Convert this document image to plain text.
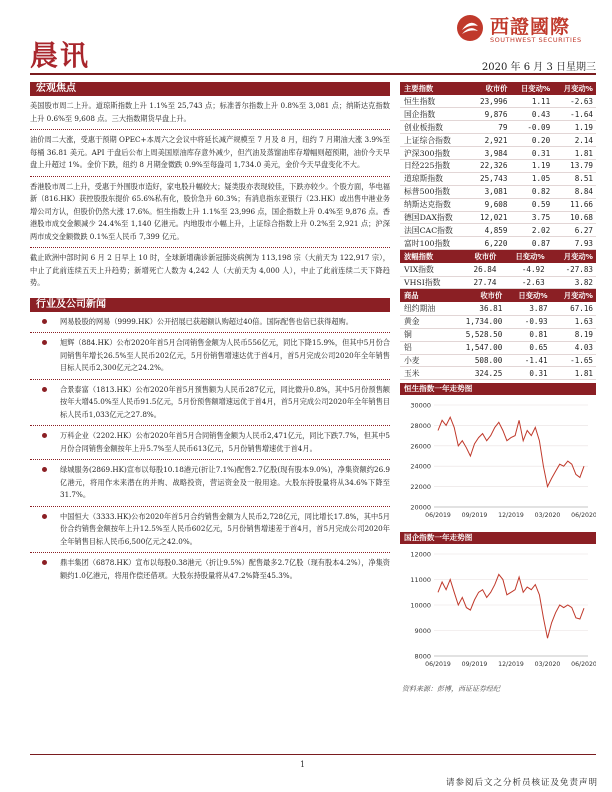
晨讯
西證國際
SOUTHWEST SECURITIES
2020 年 6 月 3 日星期三
宏观焦点
美国股市周二上升。道琼斯指数上升 1.1%至 25,743 点；标准普尔指数上升 0.8%至 3,081 点；纳斯达克指数上升 0.6%至 9,608 点。三大指数期货早盘上升。
油价周二大涨，受惠于预期 OPEC+本周六之会议中将延长减产规模至 7 月及 8 月，纽约 7 月期油大涨 3.9%至每桶 36.81 美元。API 于盘后公布上周美国原油库存意外减少，但汽油及蒸馏油库存增幅则超预期，油价今天早盘上升超过 1%。金价下跌，纽约 8 月期金微跌 0.9%至每盎司 1,734.0 美元，金价今天早盘变化不大。
香港股市周二上升，受惠于外围股市造好，家电股升幅较大；疑类股亦表现较佳，下跌亦较少。个股方面，华电福新（816.HK）获控股股东提价 65.6%私有化，股价急升 60.3%；有消息指东亚银行（23.HK）或出售中港业务增公司方认，但股价仍然大涨 17.6%。恒生指数上升 1.1%至 23,996 点，国企指数上升 0.4%至 9,876 点。香港股市成交金额减少 24.4%至 1,140 亿港元。内地股市小幅上升，上证综合指数上升 0.2%至 2,921 点；沪深两市成交金额微跌 0.1%至人民币 7,399 亿元。
截止欧洲中部时间 6 月 2 日早上 10 时，全球新增确诊新冠肺炎病例为 113,198 宗（大前天为 122,917 宗），中止了此前连续五天上升趋势；新增死亡人数为 4,242 人（大前天为 4,000 人），中止了此前连续二天下降趋势。
行业及公司新闻
网易股股的网易（9999.HK）公开招展已获超额认购超过40倍。国际配售也倍已获得超购。
旭辉（884.HK）公布2020年首5月合同销售金额为人民币556亿元，同比下降15.9%，但其中5月份合同销售年增长26.5%至人民币202亿元，5月份销售增速达优于首4月，首5月完成公司2020年全年销售目标人民币2,300亿元之24.2%。
合景泰富（1813.HK）公布2020年首5月预售额为人民币287亿元，同比微升0.8%，其中5月份预售额按年大增45.0%至人民币91.5亿元，5月份预售额增速远优于首4月，首5月完成公司2020年全年销售目标人民币1,033亿元之27.8%。
万科企业（2202.HK）公布2020年首5月合同销售金额为人民币2,471亿元，同比下跌7.7%，但其中5月份合同销售金额按年上升5.7%至人民币613亿元，5月份销售增速优于首4月。
绿城服务(2869.HK)宣布以每股10.18港元(折让7.1%)配售2.7亿股(现有股本9.0%)，净集资额约26.9亿港元，将用作未来潜在的并购、战略投资，营运资金及一般用途。大股东持股量将从34.6%下降至31.7%。
中国恒大（3333.HK)公布2020年首5月合约销售金额为人民币2,728亿元，同比增长17.8%，其中5月份合约销售金额按年上升12.5%至人民币602亿元，5月份销售增速差于首4月，首5月完成公司2020年全年销售目标人民币6,500亿元之42.0%。
鼎丰集团（6878.HK）宣布以每股0.38港元（折让9.5%）配售最多2.7亿股（现有股本4.2%），净集资额约1.0亿港元，将用作偿还借项。大股东持股量将从47.2%降至45.3%。
主要指数	收市价	日变动%	月变动%
恒生指数	23,996	1.11	-2.63
国企指数	9,876	0.43	-1.64
创业板指数	79	-0.09	1.19
上证综合指数	2,921	0.20	2.14
沪深300指数	3,984	0.31	1.81
日经225指数	22,326	1.19	13.79
道琼斯指数	25,743	1.05	8.51
标普500指数	3,081	0.82	8.84
纳斯达克指数	9,608	0.59	11.66
德国DAX指数	12,021	3.75	10.68
法国CAC指数	4,859	2.02	6.27
富时100指数	6,220	0.87	7.93
波幅指数	收市价	日变动%	月变动%
VIX指数	26.84	-4.92	-27.83
VHSI指数	27.74	-2.63	3.82
商品	收市价	日变动%	月变动%
纽约期油	36.81	3.87	67.16
黄金	1,734.00	-0.93	1.63
铜	5,528.50	0.81	8.19
铝	1,547.00	0.65	4.03
小麦	508.00	-1.41	-1.65
玉米	324.25	0.31	1.81
恒生指数一年走势图
20000
22000
24000
26000
28000
30000
06/2019 09/2019 12/2019 03/2020 06/2020
国企指数一年走势图
8000
9000
10000
11000
12000
06/2019 09/2019 12/2019 03/2020 06/2020
资料来源：彭博，西证证券经纪
1
请参阅后文之分析员核证及免责声明
